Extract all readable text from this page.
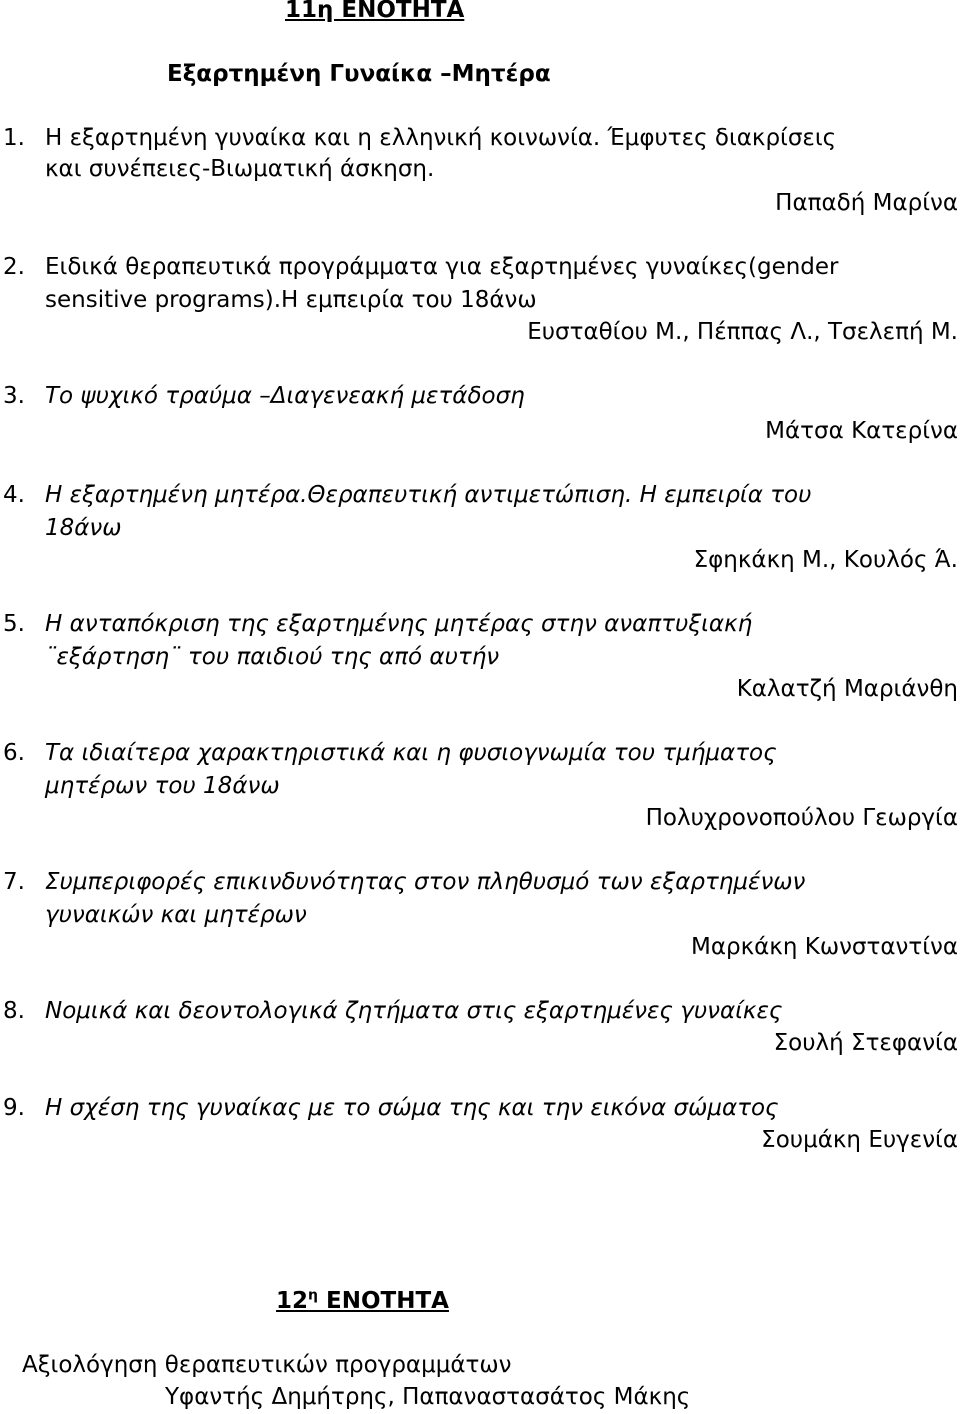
11η ΕΝΟΤΗΤΑ
Εξαρτημένη Γυναίκα –Μητέρα
1. Η εξαρτημένη γυναίκα και η ελληνική κοινωνία. Έμφυτες διακρίσεις
και συνέπειες-Βιωματική άσκηση.
Παπαδή Μαρίνα
2. Ειδικά θεραπευτικά προγράμματα για εξαρτημένες γυναίκες(gender
sensitive programs).Η εμπειρία του 18άνω
Ευσταθίου Μ., Πέππας Λ., Τσελεπή Μ.
3. Το ψυχικό τραύμα –Διαγενεακή μετάδοση
Μάτσα Κατερίνα
4. Η εξαρτημένη μητέρα.Θεραπευτική αντιμετώπιση. Η εμπειρία του
18άνω
Σφηκάκη Μ., Κουλός Ά.
5. Η ανταπόκριση της εξαρτημένης μητέρας στην αναπτυξιακή
¨εξάρτηση¨ του παιδιού της από αυτήν
Καλατζή Μαριάνθη
6. Τα ιδιαίτερα χαρακτηριστικά και η φυσιογνωμία του τμήματος
μητέρων του 18άνω
Πολυχρονοπούλου Γεωργία
7. Συμπεριφορές επικινδυνότητας στον πληθυσμό των εξαρτημένων
γυναικών και μητέρων
Μαρκάκη Κωνσταντίνα
8. Νομικά και δεοντολογικά ζητήματα στις εξαρτημένες γυναίκες
Σουλή Στεφανία
9. Η σχέση της γυναίκας με το σώμα της και την εικόνα σώματος
Σουμάκη Ευγενία
$12^\eta$ ΕΝΟΤΗΤΑ
Αξιολόγηση θεραπευτικών προγραμμάτων
Υφαντής Δημήτρης, Παπαναστασάτος Μάκης
